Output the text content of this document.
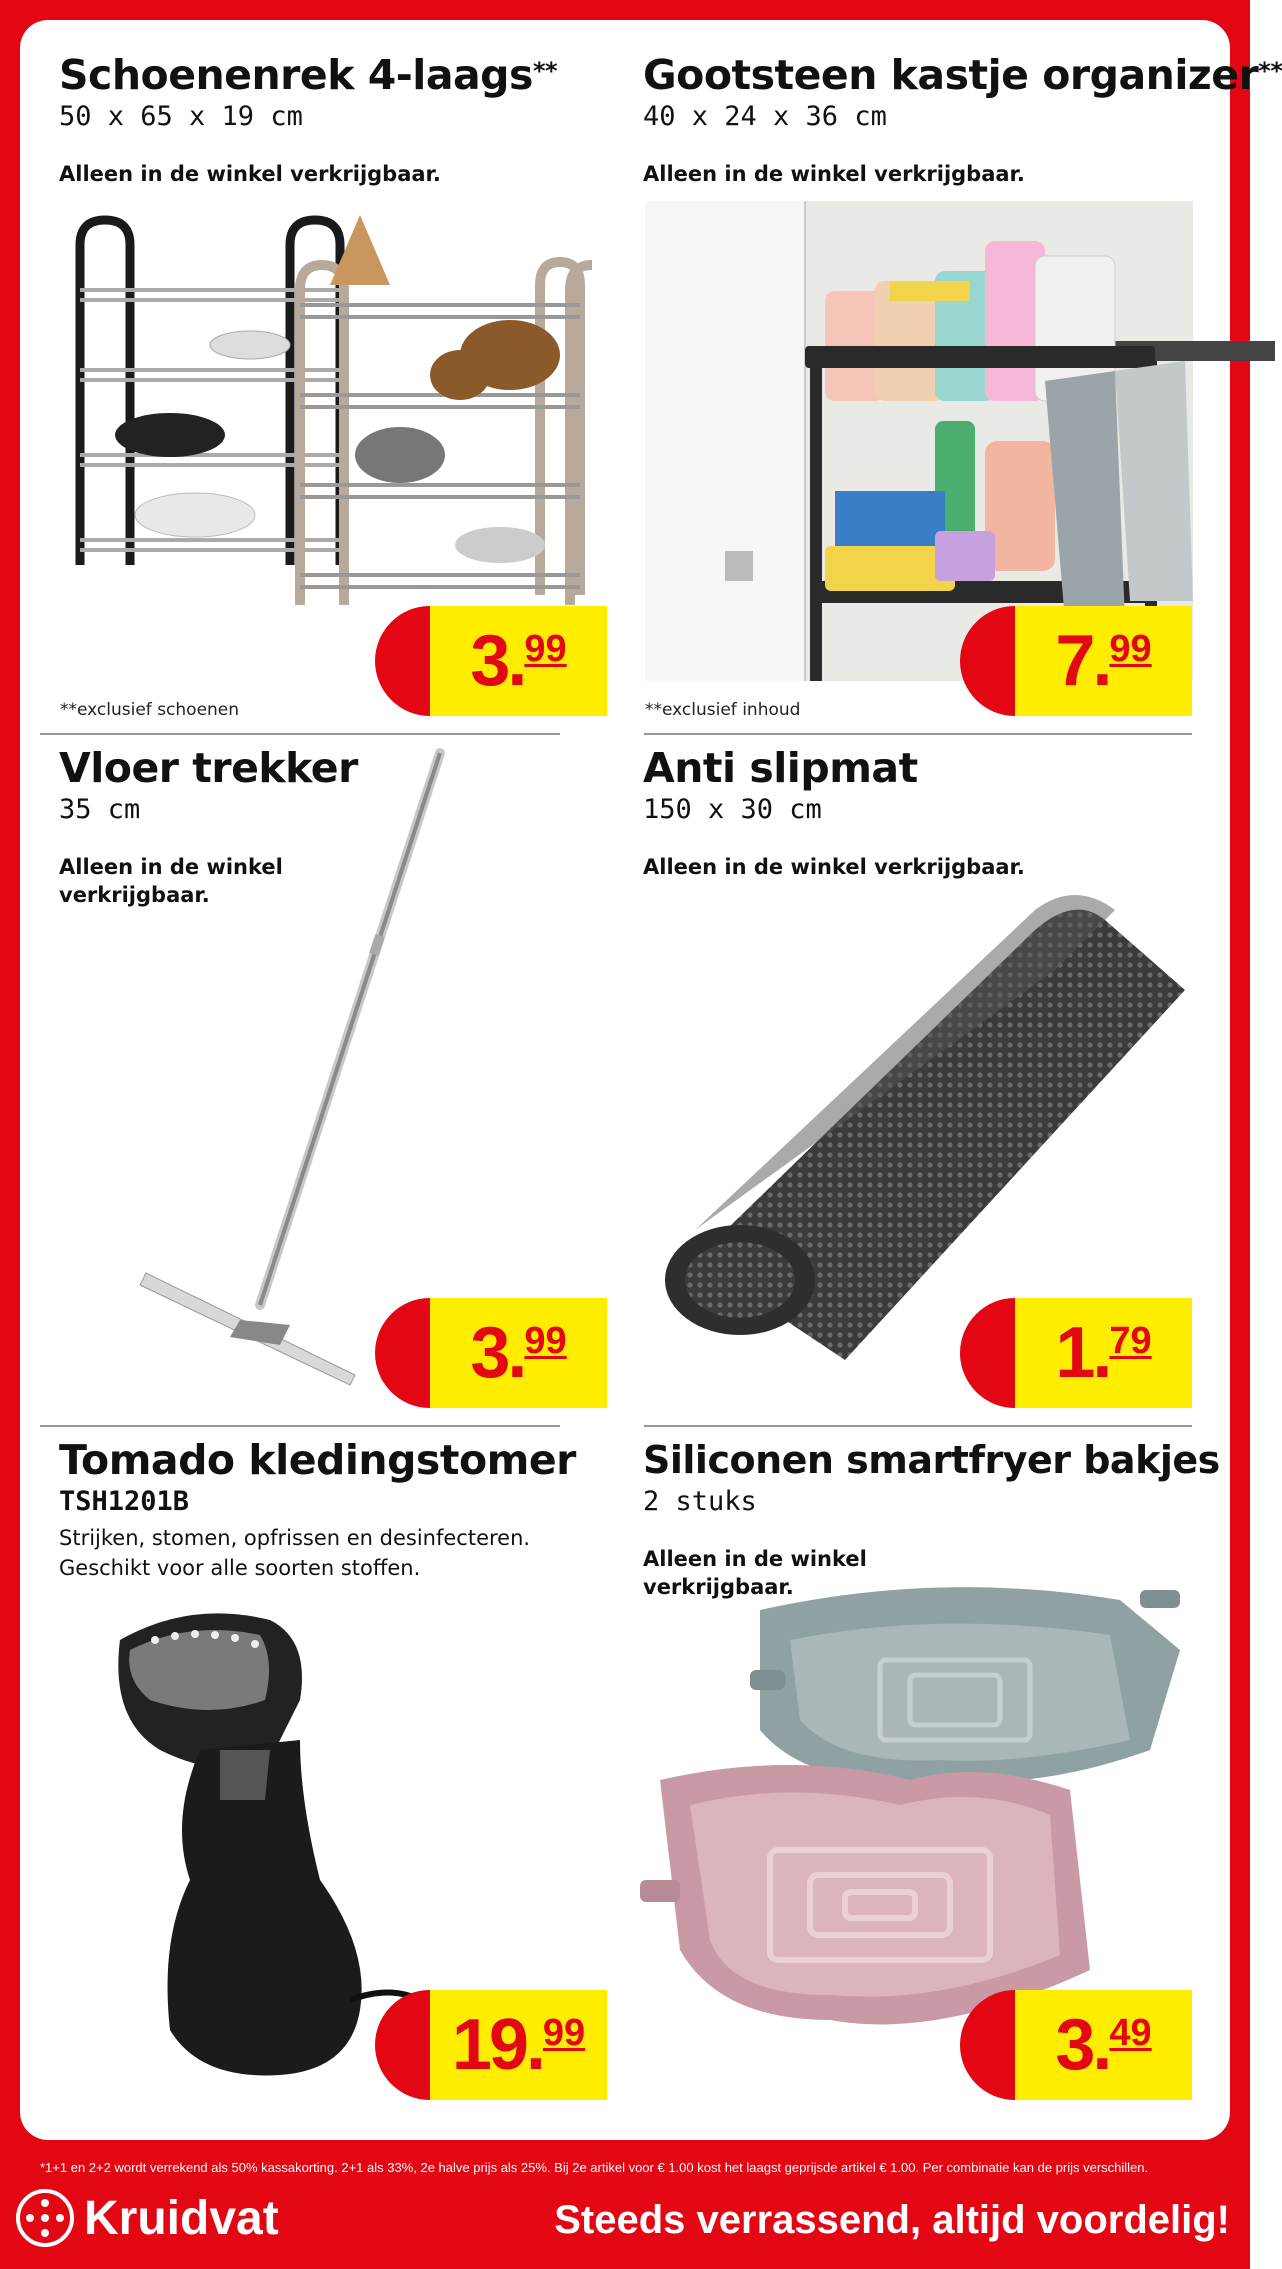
Schoenenrek 4-laags**
50 x 65 x 19 cm
Alleen in de winkel verkrijgbaar.
3. 99
**exclusief schoenen
Gootsteen kastje organizer**
40 x 24 x 36 cm
Alleen in de winkel verkrijgbaar.
7. 99
**exclusief inhoud
Vloer trekker
35 cm
Alleen in de winkel
verkrijgbaar.
3. 99
Anti slipmat
150 x 30 cm
Alleen in de winkel verkrijgbaar.
1. 79
Tomado kledingstomer
TSH1201B
Strijken, stomen, opfrissen en desinfecteren.
Geschikt voor alle soorten stoffen.
19. 99
Siliconen smartfryer bakjes
2 stuks
Alleen in de winkel
verkrijgbaar.
3. 49
*1+1 en 2+2 wordt verrekend als 50% kassakorting. 2+1 als 33%, 2e halve prijs als 25%. Bij 2e artikel voor € 1.00 kost het laagst geprijsde artikel € 1.00. Per combinatie kan de prijs verschillen.
Kruidvat	Steeds verrassend, altijd voordelig!
